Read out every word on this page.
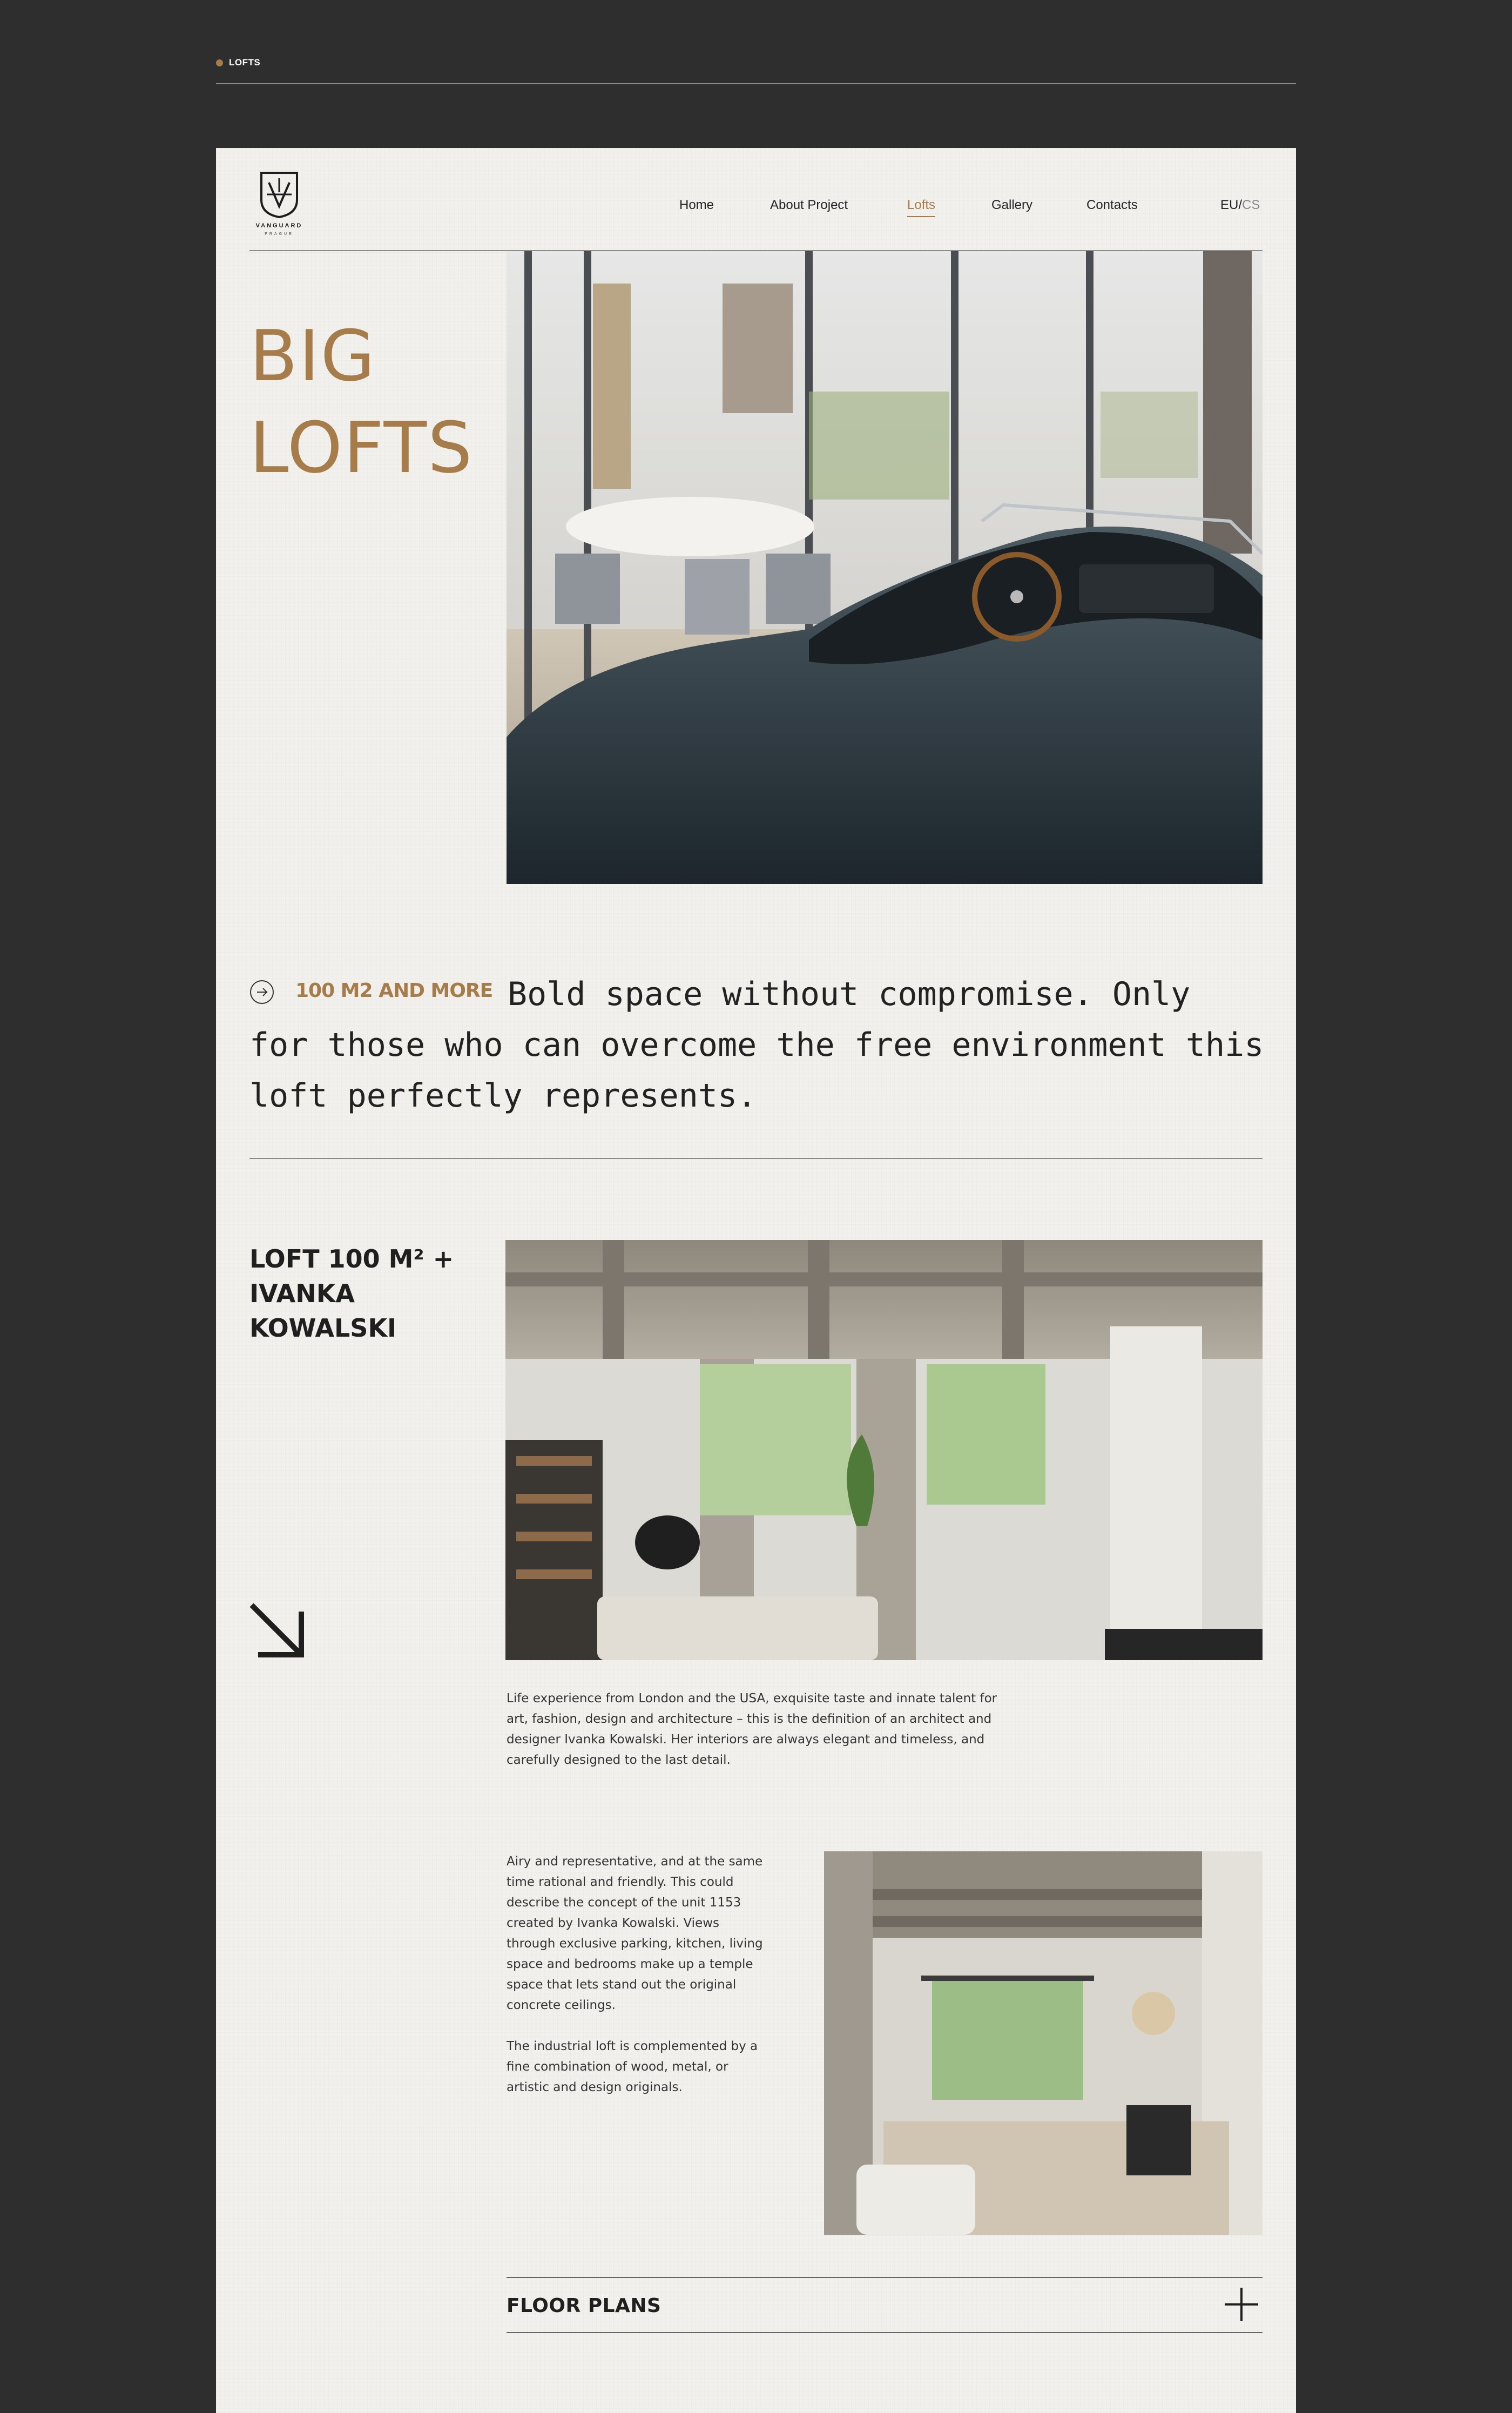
LOFTS
VANGUARD
PRAGUE
Home	About Project	Lofts	Gallery	Contacts	EU/CS
BIG
LOFTS
100 M2 AND MORE Bold space without compromise. Only for those who can overcome the free environment this loft perfectly represents.
LOFT 100 M² + IVANKA KOWALSKI
Life experience from London and the USA, exquisite taste and innate talent for art, fashion, design and architecture – this is the definition of an architect and designer Ivanka Kowalski. Her interiors are always elegant and timeless, and carefully designed to the last detail.

Airy and representative, and at the same time rational and friendly. This could describe the concept of the unit 1153 created by Ivanka Kowalski. Views through exclusive parking, kitchen, living space and bedrooms make up a temple space that lets stand out the original concrete ceilings.

The industrial loft is complemented by a fine combination of wood, metal, or artistic and design originals.

FLOOR PLANS
